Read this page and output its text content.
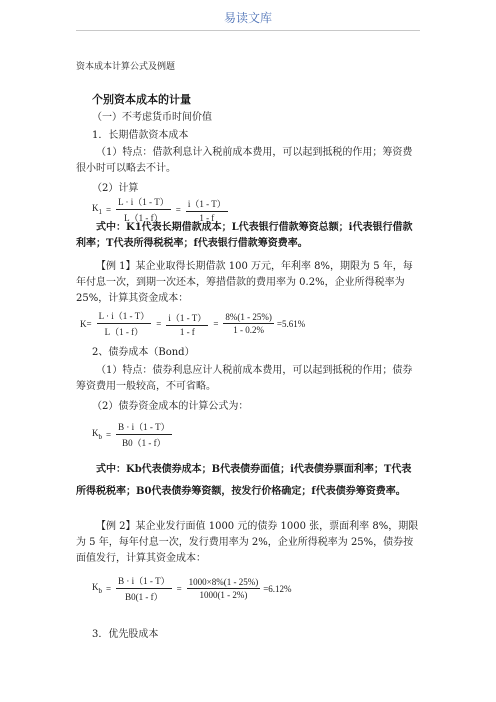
易读文库
资本成本计算公式及例题
个别资本成本的计量
（一）不考虑货币时间价值
1．长期借款资本成本
（1）特点：借款利息计入税前成本费用，可以起到抵税的作用；筹资费很小时可以略去不计。
（2）计算
$K_1 = \frac{L \cdot i(1 - T)}{L(1 - f)} = \frac{i(1 - T)}{1 - f}$
式中：K1代表长期借款成本；L代表银行借款筹资总额；i代表银行借款利率；T代表所得税税率；f代表银行借款筹资费率。
【例 1】某企业取得长期借款 100 万元，年利率 8%，期限为 5 年，每年付息一次，到期一次还本，筹措借款的费用率为 0.2%，企业所得税率为 25%，计算其资金成本：
$K= \frac{L \cdot i(1 - T)}{L(1 - f)} = \frac{i(1 - T)}{1 - f} = \frac{8\%(1 - 25\%)}{1 - 0.2\%} =5.61\%$
2、债券成本（Bond）
（1）特点：债券利息应计人税前成本费用，可以起到抵税的作用；债券筹资费用一般较高，不可省略。
（2）债券资金成本的计算公式为：
$K_b = \frac{B \cdot i(1 - T)}{B0(1 - f)}$
式中：Kb代表债券成本；B代表债券面值；i代表债券票面利率；T代表所得税税率；B0代表债券筹资额，按发行价格确定；f代表债券筹资费率。
【例 2】某企业发行面值 1000 元的债券 1000 张，票面利率 8%，期限为 5 年，每年付息一次，发行费用率为 2%，企业所得税率为 25%，债券按面值发行，计算其资金成本：
$K_b = \frac{B \cdot i(1 - T)}{B0(1 - f)} = \frac{1000\times 8\%(1 - 25\%)}{1000(1 - 2\%)} =6.12\%$
3．优先股成本
